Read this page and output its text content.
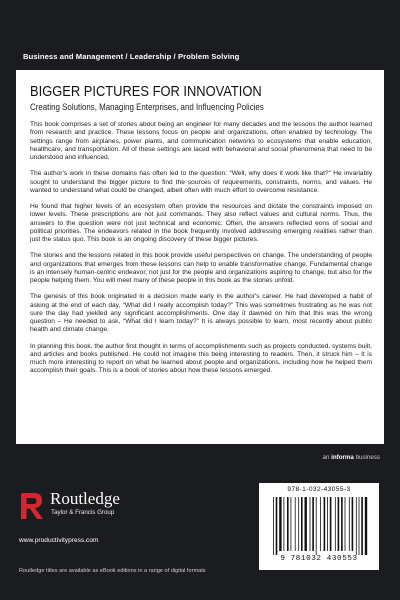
Business and Management / Leadership / Problem Solving
BIGGER PICTURES FOR INNOVATION
Creating Solutions, Managing Enterprises, and Influencing Policies

This book comprises a set of stories about being an engineer for many decades and the lessons the author learned from research and practice. These lessons focus on people and organizations, often enabled by technology. The settings range from airplanes, power plants, and communication networks to ecosystems that enable education, healthcare, and transportation. All of these settings are laced with behavioral and social phenomena that need to be understood and influenced.

The author's work in these domains has often led to the question: “Well, why does it work like that?” He invariably sought to understand the bigger picture to find the sources of requirements, constraints, norms, and values. He wanted to understand what could be changed, albeit often with much effort to overcome resistance.

He found that higher levels of an ecosystem often provide the resources and dictate the constraints imposed on lower levels. These prescriptions are not just commands. They also reflect values and cultural norms. Thus, the answers to the question were not just technical and economic. Often, the answers reflected eons of social and political priorities. The endeavors related in the book frequently involved addressing emerging realities rather than just the status quo. This book is an ongoing discovery of these bigger pictures.

The stories and the lessons related in this book provide useful perspectives on change. The understanding of people and organizations that emerges from these lessons can help to enable transformative change. Fundamental change is an intensely human-centric endeavor, not just for the people and organizations aspiring to change, but also for the people helping them. You will meet many of these people in this book as the stories unfold.

The genesis of this book originated in a decision made early in the author's career. He had developed a habit of asking at the end of each day, “What did I really accomplish today?” This was sometimes frustrating as he was not sure the day had yielded any significant accomplishments. One day it dawned on him that this was the wrong question – He needed to ask, “What did I learn today?” It is always possible to learn, most recently about public health and climate change.

In planning this book, the author first thought in terms of accomplishments such as projects conducted, systems built, and articles and books published. He could not imagine this being interesting to readers. Then, it struck him – It is much more interesting to report on what he learned about people and organizations, including how he helped them accomplish their goals. This is a book of stories about how these lessons emerged.

an informa business
Routledge
Taylor & Francis Group
www.productivitypress.com
Routledge titles are available as eBook editions in a range of digital formats
978-1-032-43055-3
9 781032 430553
